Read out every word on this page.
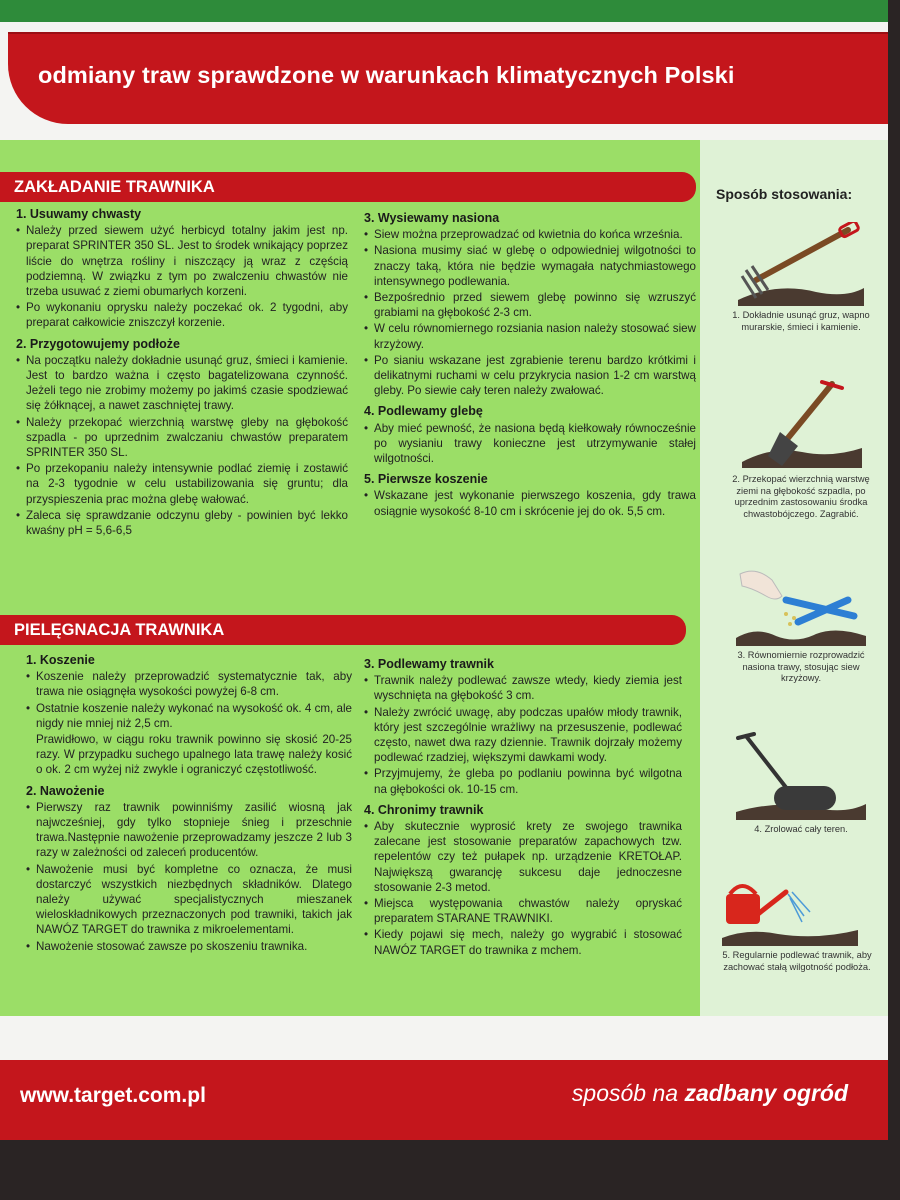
odmiany traw sprawdzone w warunkach klimatycznych Polski
ZAKŁADANIE TRAWNIKA
1. Usuwamy chwasty
• Należy przed siewem użyć herbicyd totalny jakim jest np. preparat SPRINTER 350 SL. Jest to środek wnikający poprzez liście do wnętrza rośliny i niszczący ją wraz z częścią podziemną. W związku z tym po zwalczeniu chwastów nie trzeba usuwać z ziemi obumarłych korzeni.
• Po wykonaniu oprysku należy poczekać ok. 2 tygodni, aby preparat całkowicie zniszczył korzenie.
2. Przygotowujemy podłoże
• Na początku należy dokładnie usunąć gruz, śmieci i kamienie. Jest to bardzo ważna i często bagatelizowana czynność. Jeżeli tego nie zrobimy możemy po jakimś czasie spodziewać się żółknącej, a nawet zaschniętej trawy.
• Należy przekopać wierzchnią warstwę gleby na głębokość szpadla - po uprzednim zwalczaniu chwastów preparatem SPRINTER 350 SL.
• Po przekopaniu należy intensywnie podlać ziemię i zostawić na 2-3 tygodnie w celu ustabilizowania się gruntu; dla przyspieszenia prac można glebę wałować.
• Zaleca się sprawdzanie odczynu gleby - powinien być lekko kwaśny pH = 5,6-6,5
3. Wysiewamy nasiona
• Siew można przeprowadzać od kwietnia do końca września.
• Nasiona musimy siać w glebę o odpowiedniej wilgotności to znaczy taką, która nie będzie wymagała natychmiastowego intensywnego podlewania.
• Bezpośrednio przed siewem glebę powinno się wzruszyć grabiami na głębokość 2-3 cm.
• W celu równomiernego rozsiania nasion należy stosować siew krzyżowy.
• Po sianiu wskazane jest zgrabienie terenu bardzo krótkimi i delikatnymi ruchami w celu przykrycia nasion 1-2 cm warstwą gleby. Po siewie cały teren należy zwałować.
4. Podlewamy glebę
• Aby mieć pewność, że nasiona będą kiełkowały równocześnie po wysianiu trawy konieczne jest utrzymywanie stałej wilgotności.
5. Pierwsze koszenie
• Wskazane jest wykonanie pierwszego koszenia, gdy trawa osiągnie wysokość 8-10 cm i skrócenie jej do ok. 5,5 cm.
PIELĘGNACJA TRAWNIKA
1. Koszenie
• Koszenie należy przeprowadzić systematycznie tak, aby trawa nie osiągnęła wysokości powyżej 6-8 cm.
• Ostatnie koszenie należy wykonać na wysokość ok. 4 cm, ale nigdy nie mniej niż 2,5 cm.
Prawidłowo, w ciągu roku trawnik powinno się skosić 20-25 razy. W przypadku suchego upalnego lata trawę należy kosić o ok. 2 cm wyżej niż zwykle i ograniczyć częstotliwość.
2. Nawożenie
• Pierwszy raz trawnik powinniśmy zasilić wiosną jak najwcześniej, gdy tylko stopnieje śnieg i przeschnie trawa.Następnie nawożenie przeprowadzamy jeszcze 2 lub 3 razy w zależności od zaleceń producentów.
• Nawożenie musi być kompletne co oznacza, że musi dostarczyć wszystkich niezbędnych składników. Dlatego należy używać specjalistycznych mieszanek wieloskładnikowych przeznaczonych pod trawniki, takich jak NAWÓZ TARGET do trawnika z mikroelementami.
• Nawożenie stosować zawsze po skoszeniu trawnika.
3. Podlewamy trawnik
• Trawnik należy podlewać zawsze wtedy, kiedy ziemia jest wyschnięta na głębokość 3 cm.
• Należy zwrócić uwagę, aby podczas upałów młody trawnik, który jest szczególnie wrażliwy na przesuszenie, podlewać często, nawet dwa razy dziennie. Trawnik dojrzały możemy podlewać rzadziej, większymi dawkami wody.
• Przyjmujemy, że gleba po podlaniu powinna być wilgotna na głębokości ok. 10-15 cm.
4. Chronimy trawnik
• Aby skutecznie wyprosić krety ze swojego trawnika zalecane jest stosowanie preparatów zapachowych tzw. repelentów czy też pułapek np. urządzenie KRETOŁAP. Największą gwarancję sukcesu daje jednoczesne stosowanie 2-3 metod.
• Miejsca występowania chwastów należy opryskać preparatem STARANE TRAWNIKI.
• Kiedy pojawi się mech, należy go wygrabić i stosować NAWÓZ TARGET do trawnika z mchem.
Sposób stosowania:
1. Dokładnie usunąć gruz, wapno murarskie, śmieci i kamienie.
2. Przekopać wierzchnią warstwę ziemi na głębokość szpadla, po uprzednim zastosowaniu środka chwastobójczego. Zagrabić.
3. Równomiernie rozprowadzić nasiona trawy, stosując siew krzyżowy.
4. Zrolować cały teren.
5. Regularnie podlewać trawnik, aby zachować stałą wilgotność podłoża.
www.target.com.pl	sposób na zadbany ogród
